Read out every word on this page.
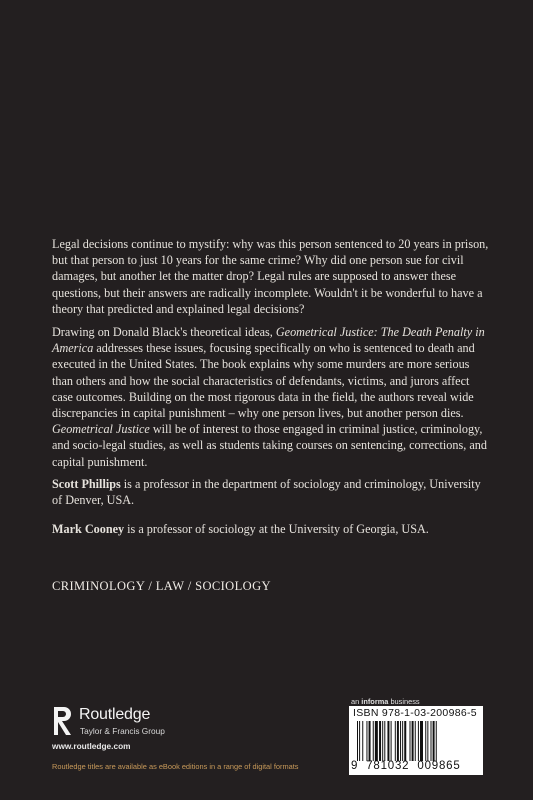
Legal decisions continue to mystify: why was this person sentenced to 20 years in prison, but that person to just 10 years for the same crime? Why did one person sue for civil damages, but another let the matter drop? Legal rules are supposed to answer these questions, but their answers are radically incomplete. Wouldn't it be wonderful to have a theory that predicted and explained legal decisions?

Drawing on Donald Black's theoretical ideas, Geometrical Justice: The Death Penalty in America addresses these issues, focusing specifically on who is sentenced to death and executed in the United States. The book explains why some murders are more serious than others and how the social characteristics of defendants, victims, and jurors affect case outcomes. Building on the most rigorous data in the field, the authors reveal wide discrepancies in capital punishment – why one person lives, but another person dies. Geometrical Justice will be of interest to those engaged in criminal justice, criminology, and socio-legal studies, as well as students taking courses on sentencing, corrections, and capital punishment.

Scott Phillips is a professor in the department of sociology and criminology, University of Denver, USA.

Mark Cooney is a professor of sociology at the University of Georgia, USA.

CRIMINOLOGY / LAW / SOCIOLOGY
Routledge
Taylor & Francis Group
www.routledge.com
Routledge titles are available as eBook editions in a range of digital formats
an informa business
ISBN 978-1-03-200986-5
9 781032 009865
